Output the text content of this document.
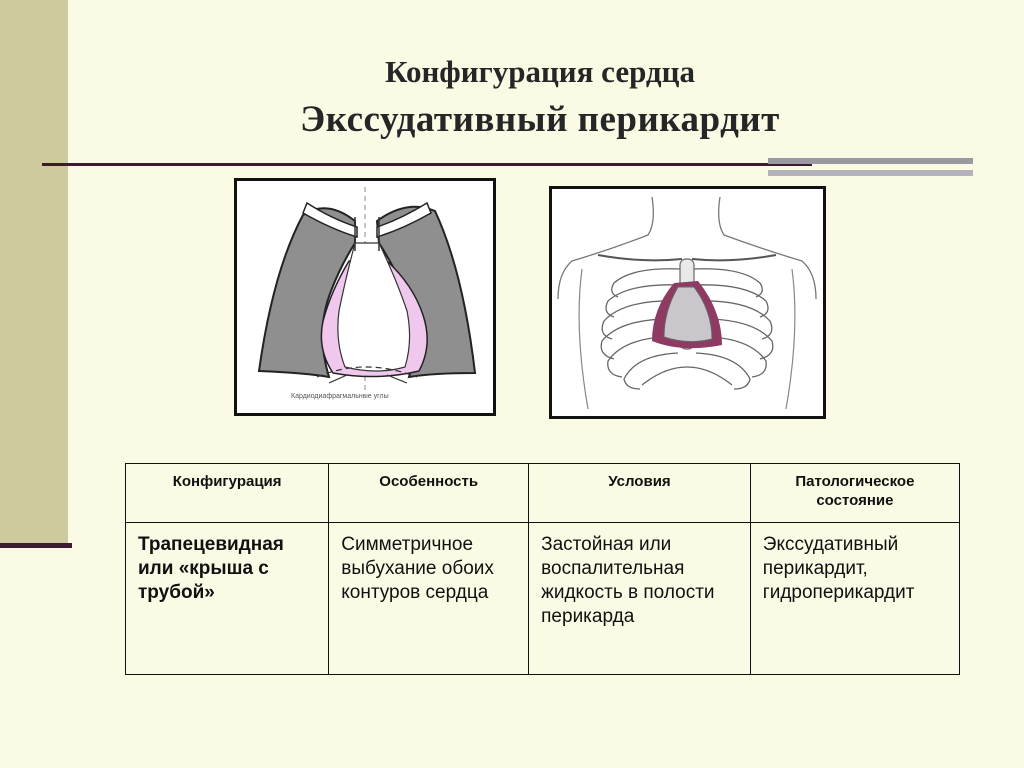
Конфигурация сердца
Экссудативный перикардит
Кардиодиафрагмальные углы
Конфигурация	Особенность	Условия	Патологическое состояние
Трапецевидная или «крыша с трубой»	Симметричное выбухание обоих контуров сердца	Застойная или воспалительная жидкость в полости перикарда	Экссудативный перикардит, гидроперикардит
